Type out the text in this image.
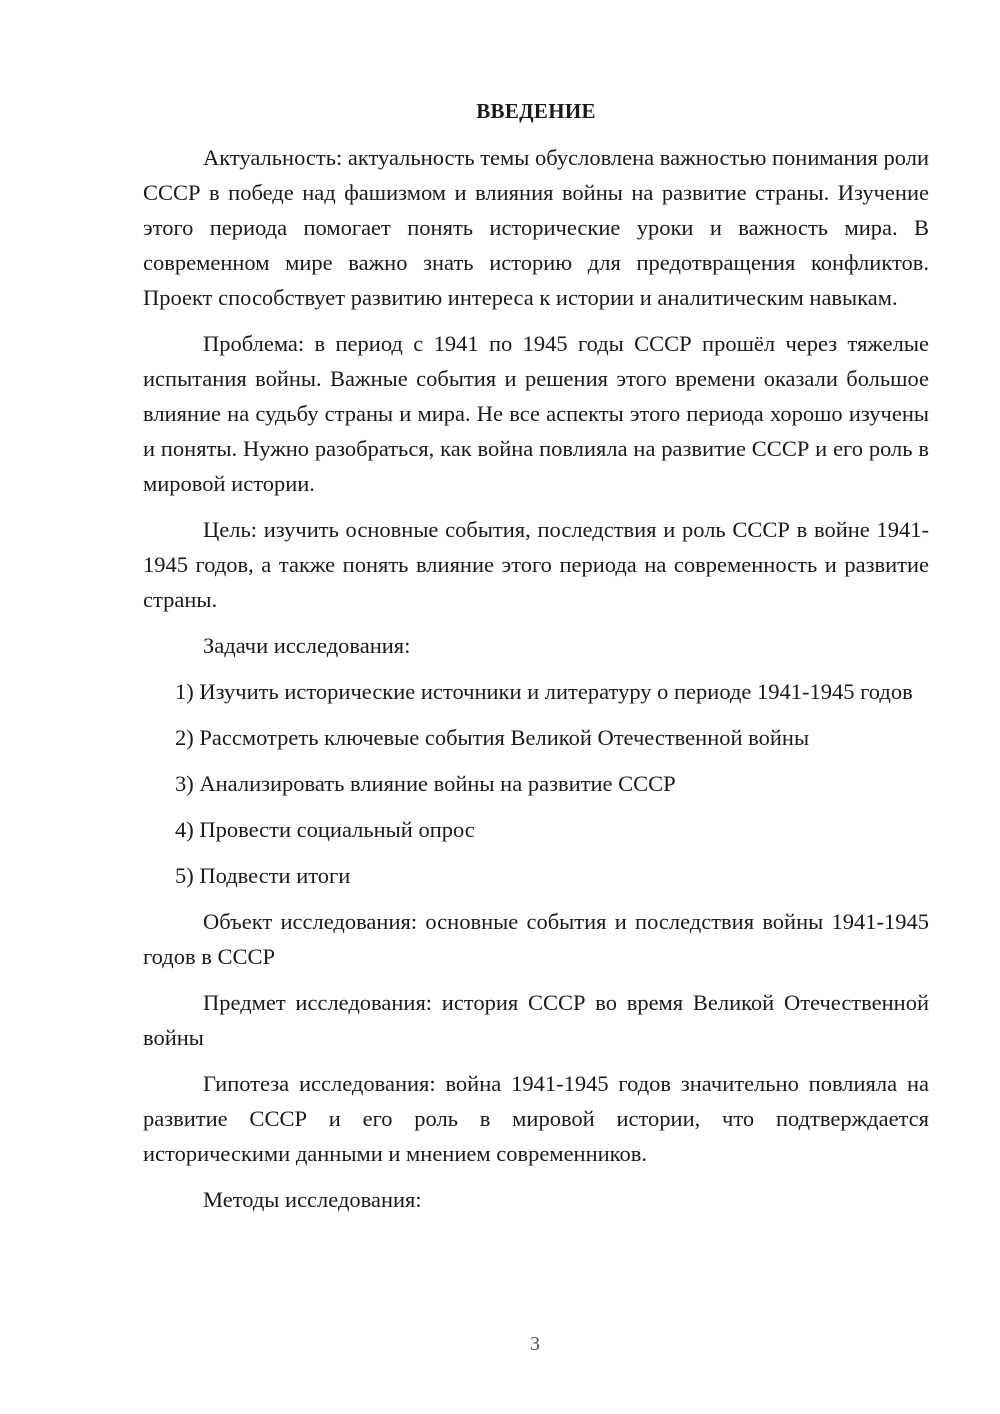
ВВЕДЕНИЕ

Актуальность: актуальность темы обусловлена важностью понимания роли СССР в победе над фашизмом и влияния войны на развитие страны. Изучение этого периода помогает понять исторические уроки и важность мира. В современном мире важно знать историю для предотвращения конфликтов. Проект способствует развитию интереса к истории и аналитическим навыкам.

Проблема: в период с 1941 по 1945 годы СССР прошёл через тяжелые испытания войны. Важные события и решения этого времени оказали большое влияние на судьбу страны и мира. Не все аспекты этого периода хорошо изучены и поняты. Нужно разобраться, как война повлияла на развитие СССР и его роль в мировой истории.

Цель: изучить основные события, последствия и роль СССР в войне 1941-1945 годов, а также понять влияние этого периода на современность и развитие страны.

Задачи исследования:

1) Изучить исторические источники и литературу о периоде 1941-1945 годов

2) Рассмотреть ключевые события Великой Отечественной войны

3) Анализировать влияние войны на развитие СССР

4) Провести социальный опрос

5) Подвести итоги

Объект исследования: основные события и последствия войны 1941-1945 годов в СССР

Предмет исследования: история СССР во время Великой Отечественной войны

Гипотеза исследования: война 1941-1945 годов значительно повлияла на развитие СССР и его роль в мировой истории, что подтверждается историческими данными и мнением современников.

Методы исследования:

3
